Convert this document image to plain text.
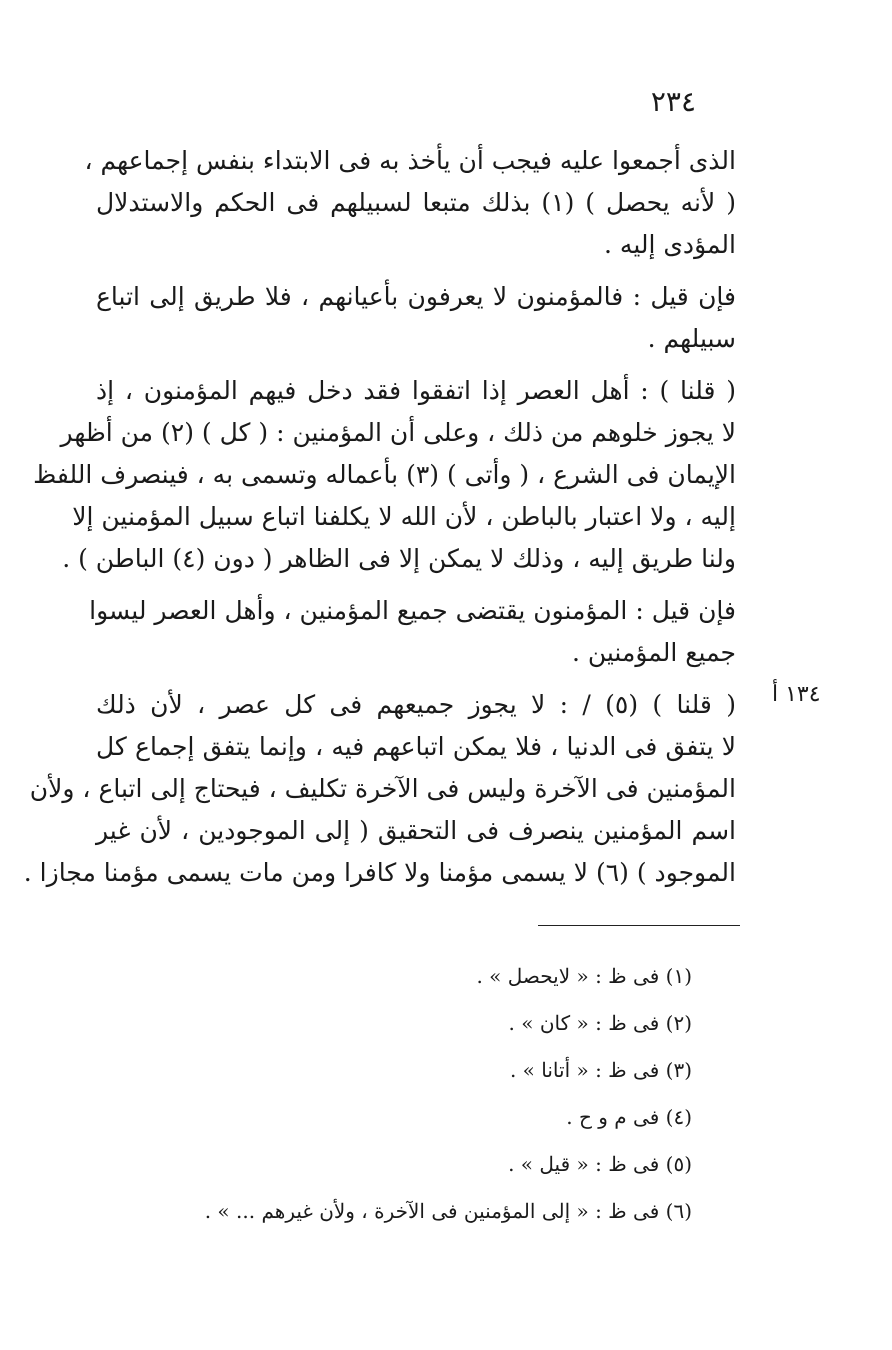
٢٣٤
الذى أجمعوا عليه فيجب أن يأخذ به فى الابتداء بنفس إجماعهم ،
( لأنه يحصل ) (١) بذلك متبعا لسبيلهم فى الحكم والاستدلال
المؤدى إليه .
فإن قيل : فالمؤمنون لا يعرفون بأعيانهم ، فلا طريق إلى اتباع
سبيلهم .
( قلنا ) : أهل العصر إذا اتفقوا فقد دخل فيهم المؤمنون ، إذ
لا يجوز خلوهم من ذلك ، وعلى أن المؤمنين : ( كل ) (٢) من أظهر
الإيمان فى الشرع ، ( وأتى ) (٣) بأعماله وتسمى به ، فينصرف اللفظ
إليه ، ولا اعتبار بالباطن ، لأن الله لا يكلفنا اتباع سبيل المؤمنين إلا
ولنا طريق إليه ، وذلك لا يمكن إلا فى الظاهر ( دون (٤) الباطن ) .
فإن قيل : المؤمنون يقتضى جميع المؤمنين ، وأهل العصر ليسوا
جميع المؤمنين .
( قلنا ) (٥) / : لا يجوز جميعهم فى كل عصر ، لأن ذلك
لا يتفق فى الدنيا ، فلا يمكن اتباعهم فيه ، وإنما يتفق إجماع كل
المؤمنين فى الآخرة وليس فى الآخرة تكليف ، فيحتاج إلى اتباع ، ولأن
اسم المؤمنين ينصرف فى التحقيق ( إلى الموجودين ، لأن غير
الموجود ) (٦) لا يسمى مؤمنا ولا كافرا ومن مات يسمى مؤمنا مجازا .
١٣٤ أ
(١) فى ظ : « لايحصل » .
(٢) فى ظ : « كان » .
(٣) فى ظ : « أتانا » .
(٤) فى م و ح .
(٥) فى ظ : « قيل » .
(٦) فى ظ : « إلى المؤمنين فى الآخرة ، ولأن غيرهم ... » .
